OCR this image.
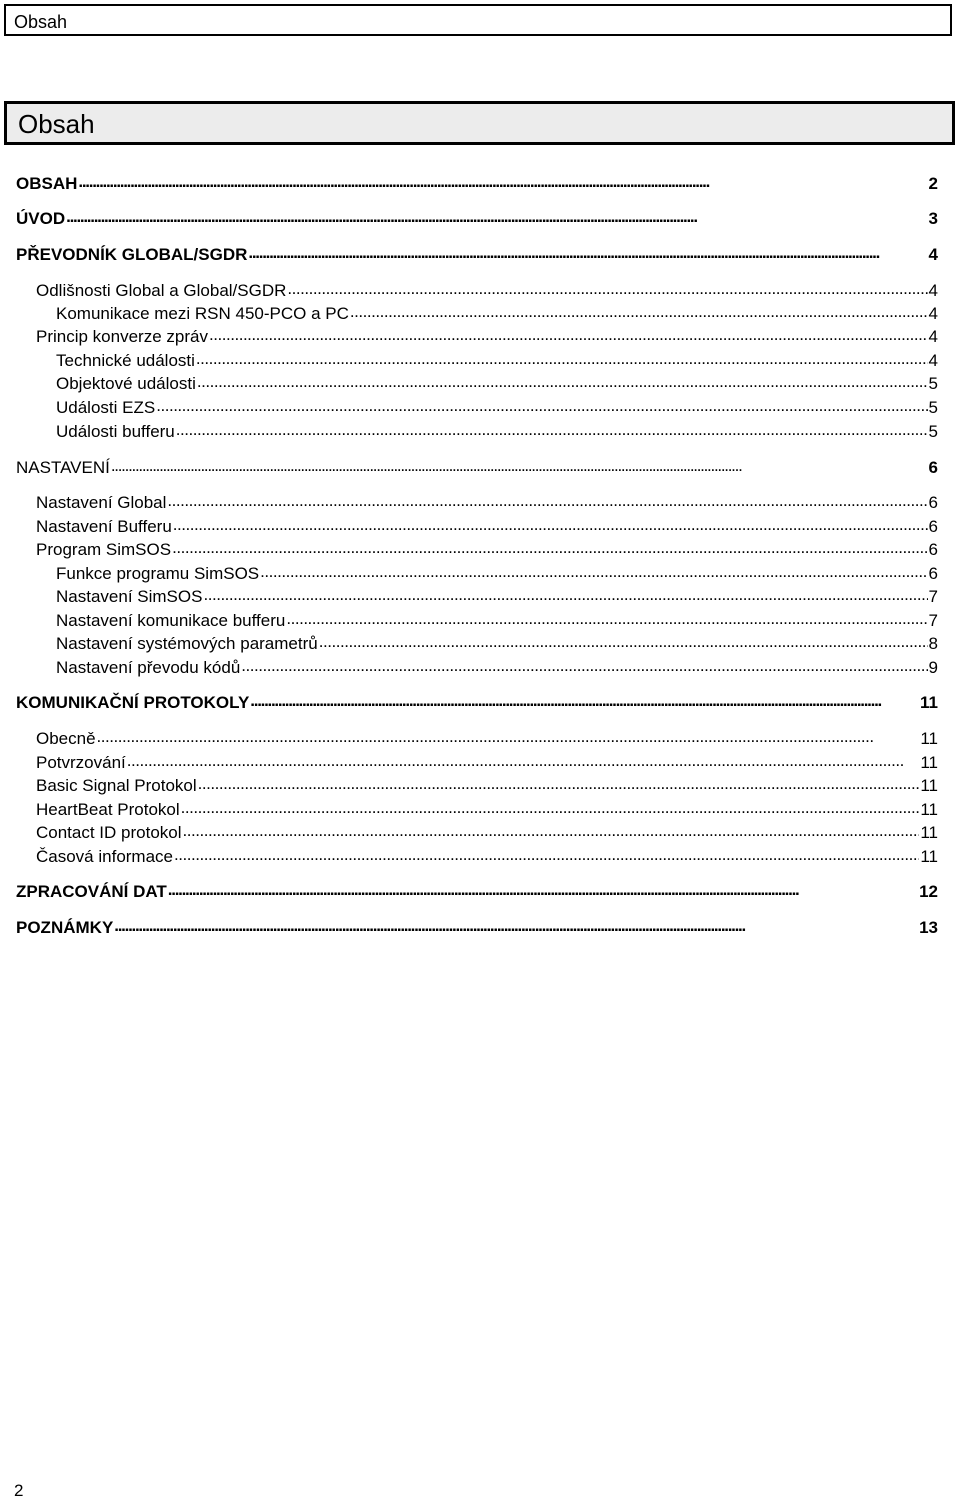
Obsah
Obsah
OBSAH . . .	2
ÚVOD . . .	3
PŘEVODNÍK GLOBAL/SGDR . . .	4
Odlišnosti Global a Global/SGDR . . .	4
Komunikace mezi RSN 450-PCO a PC . . .	4
Princip konverze zpráv . . .	4
Technické události . . .	4
Objektové události . . .	5
Události EZS . . .	5
Události bufferu . . .	5
NASTAVENÍ . . .	6
Nastavení Global . . .	6
Nastavení Bufferu . . .	6
Program SimSOS . . .	6
Funkce programu SimSOS . . .	6
Nastavení SimSOS . . .	7
Nastavení komunikace bufferu . . .	7
Nastavení systémových parametrů . . .	8
Nastavení převodu kódů . . .	9
KOMUNIKAČNÍ PROTOKOLY . . .	11
Obecně . . .	11
Potvrzování . . .	11
Basic Signal Protokol . . .	11
HeartBeat Protokol . . .	11
Contact ID protokol . . .	11
Časová informace . . .	11
ZPRACOVÁNÍ DAT . . .	12
POZNÁMKY . . .	13
2
